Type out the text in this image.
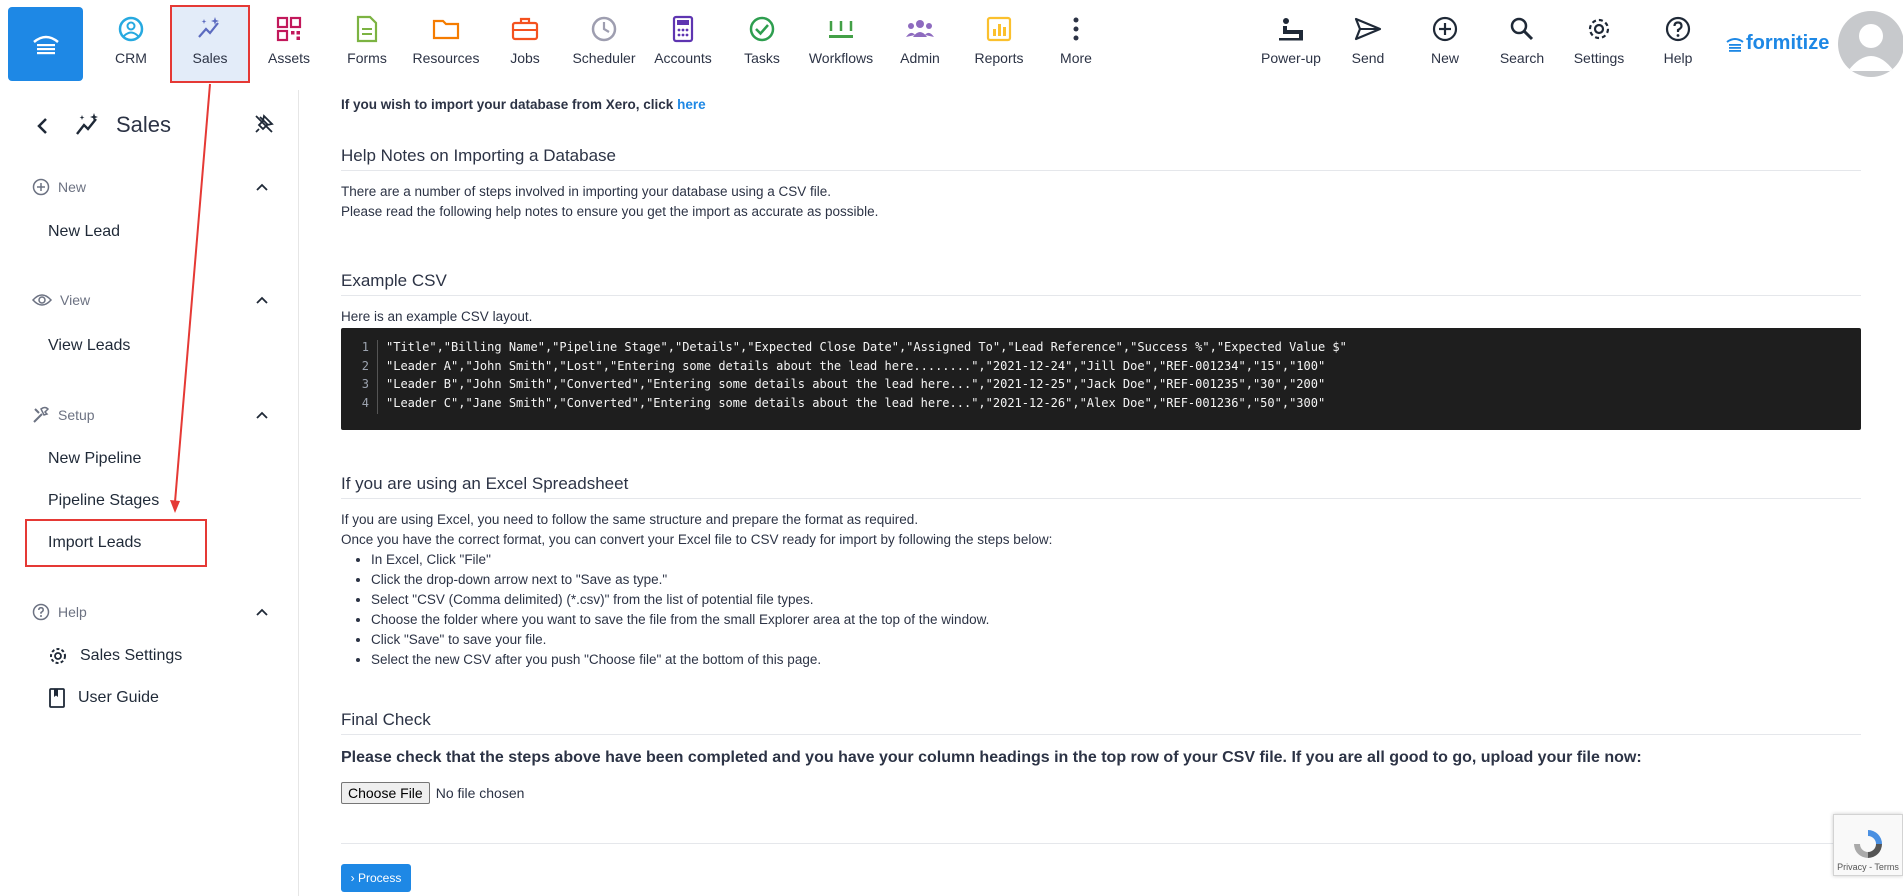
CRM	Sales	Assets	Forms Resources Jobs Scheduler Accounts Tasks Workflows Admin Reports	More	Power-up Send	New	Search Settings	Help
formitize
Sales
New
New Lead
View
View Leads
Setup
New Pipeline
Pipeline Stages
Import Leads
Help
Sales Settings
User Guide
If you wish to import your database from Xero, click here
Help Notes on Importing a Database
There are a number of steps involved in importing your database using a CSV file.
Please read the following help notes to ensure you get the import as accurate as possible.
Example CSV
Here is an example CSV layout.
1	"Title","Billing Name","Pipeline Stage","Details","Expected Close Date","Assigned To","Lead Reference","Success %","Expected Value $"
2	"Leader A","John Smith","Lost","Entering some details about the lead here........","2021-12-24","Jill Doe","REF-001234","15","100"
3	"Leader B","John Smith","Converted","Entering some details about the lead here...","2021-12-25","Jack Doe","REF-001235","30","200"
4	"Leader C","Jane Smith","Converted","Entering some details about the lead here...","2021-12-26","Alex Doe","REF-001236","50","300"
If you are using an Excel Spreadsheet
If you are using Excel, you need to follow the same structure and prepare the format as required.
Once you have the correct format, you can convert your Excel file to CSV ready for import by following the steps below:
• In Excel, Click "File"
• Click the drop-down arrow next to "Save as type."
• Select "CSV (Comma delimited) (*.csv)" from the list of potential file types.
• Choose the folder where you want to save the file from the small Explorer area at the top of the window.
• Click "Save" to save your file.
• Select the new CSV after you push "Choose file" at the bottom of this page.
Final Check
Please check that the steps above have been completed and you have your column headings in the top row of your CSV file. If you are all good to go, upload your file now:
Choose File No file chosen
› Process
Privacy - Terms
